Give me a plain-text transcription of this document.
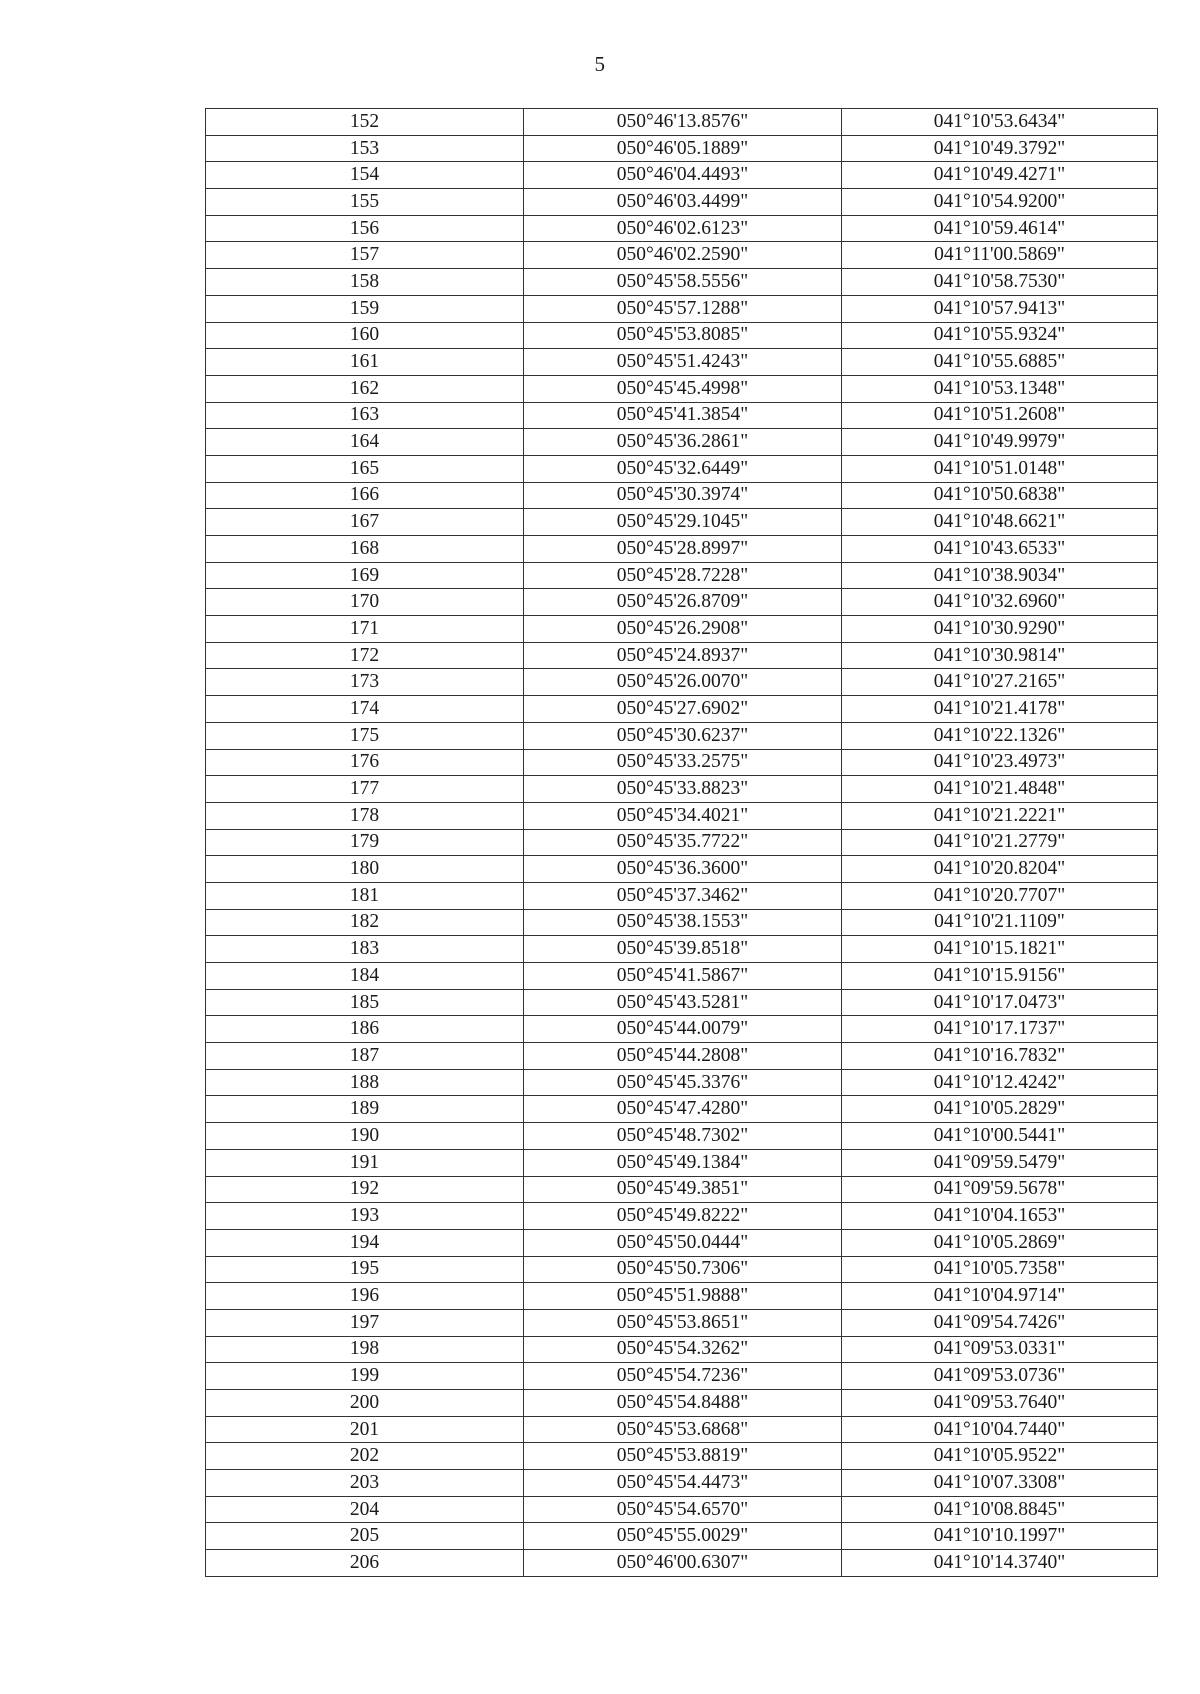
5
152	050°46'13.8576"	041°10'53.6434"
153	050°46'05.1889"	041°10'49.3792"
154	050°46'04.4493"	041°10'49.4271"
155	050°46'03.4499"	041°10'54.9200"
156	050°46'02.6123"	041°10'59.4614"
157	050°46'02.2590"	041°11'00.5869"
158	050°45'58.5556"	041°10'58.7530"
159	050°45'57.1288"	041°10'57.9413"
160	050°45'53.8085"	041°10'55.9324"
161	050°45'51.4243"	041°10'55.6885"
162	050°45'45.4998"	041°10'53.1348"
163	050°45'41.3854"	041°10'51.2608"
164	050°45'36.2861"	041°10'49.9979"
165	050°45'32.6449"	041°10'51.0148"
166	050°45'30.3974"	041°10'50.6838"
167	050°45'29.1045"	041°10'48.6621"
168	050°45'28.8997"	041°10'43.6533"
169	050°45'28.7228"	041°10'38.9034"
170	050°45'26.8709"	041°10'32.6960"
171	050°45'26.2908"	041°10'30.9290"
172	050°45'24.8937"	041°10'30.9814"
173	050°45'26.0070"	041°10'27.2165"
174	050°45'27.6902"	041°10'21.4178"
175	050°45'30.6237"	041°10'22.1326"
176	050°45'33.2575"	041°10'23.4973"
177	050°45'33.8823"	041°10'21.4848"
178	050°45'34.4021"	041°10'21.2221"
179	050°45'35.7722"	041°10'21.2779"
180	050°45'36.3600"	041°10'20.8204"
181	050°45'37.3462"	041°10'20.7707"
182	050°45'38.1553"	041°10'21.1109"
183	050°45'39.8518"	041°10'15.1821"
184	050°45'41.5867"	041°10'15.9156"
185	050°45'43.5281"	041°10'17.0473"
186	050°45'44.0079"	041°10'17.1737"
187	050°45'44.2808"	041°10'16.7832"
188	050°45'45.3376"	041°10'12.4242"
189	050°45'47.4280"	041°10'05.2829"
190	050°45'48.7302"	041°10'00.5441"
191	050°45'49.1384"	041°09'59.5479"
192	050°45'49.3851"	041°09'59.5678"
193	050°45'49.8222"	041°10'04.1653"
194	050°45'50.0444"	041°10'05.2869"
195	050°45'50.7306"	041°10'05.7358"
196	050°45'51.9888"	041°10'04.9714"
197	050°45'53.8651"	041°09'54.7426"
198	050°45'54.3262"	041°09'53.0331"
199	050°45'54.7236"	041°09'53.0736"
200	050°45'54.8488"	041°09'53.7640"
201	050°45'53.6868"	041°10'04.7440"
202	050°45'53.8819"	041°10'05.9522"
203	050°45'54.4473"	041°10'07.3308"
204	050°45'54.6570"	041°10'08.8845"
205	050°45'55.0029"	041°10'10.1997"
206	050°46'00.6307"	041°10'14.3740"
